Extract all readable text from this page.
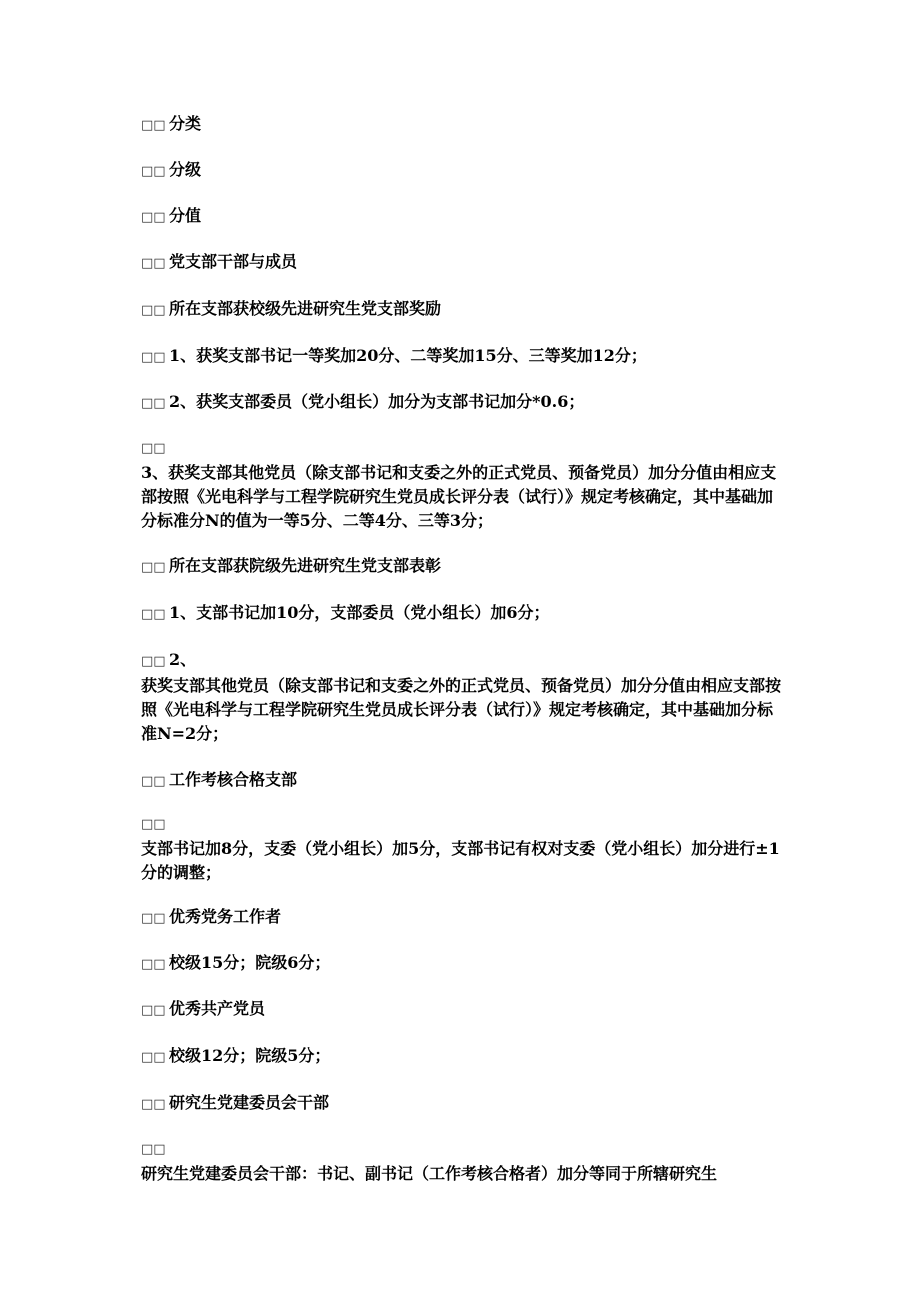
□□ 分类

□□ 分级

□□ 分值

□□ 党支部干部与成员

□□ 所在支部获校级先进研究生党支部奖励

□□ 1、获奖支部书记一等奖加20分、二等奖加15分、三等奖加12分；

□□ 2、获奖支部委员（党小组长）加分为支部书记加分*0.6；

□□
3、获奖支部其他党员（除支部书记和支委之外的正式党员、预备党员）加分分值由相应支部按照《光电科学与工程学院研究生党员成长评分表（试行）》规定考核确定，其中基础加分标准分N的值为一等5分、二等4分、三等3分；

□□ 所在支部获院级先进研究生党支部表彰

□□ 1、支部书记加10分，支部委员（党小组长）加6分；

□□ 2、
获奖支部其他党员（除支部书记和支委之外的正式党员、预备党员）加分分值由相应支部按照《光电科学与工程学院研究生党员成长评分表（试行）》规定考核确定，其中基础加分标准N=2分；

□□ 工作考核合格支部

□□
支部书记加8分，支委（党小组长）加5分，支部书记有权对支委（党小组长）加分进行±1分的调整；

□□ 优秀党务工作者

□□ 校级15分；院级6分；

□□ 优秀共产党员

□□ 校级12分；院级5分；

□□ 研究生党建委员会干部

□□
研究生党建委员会干部：书记、副书记（工作考核合格者）加分等同于所辖研究生
